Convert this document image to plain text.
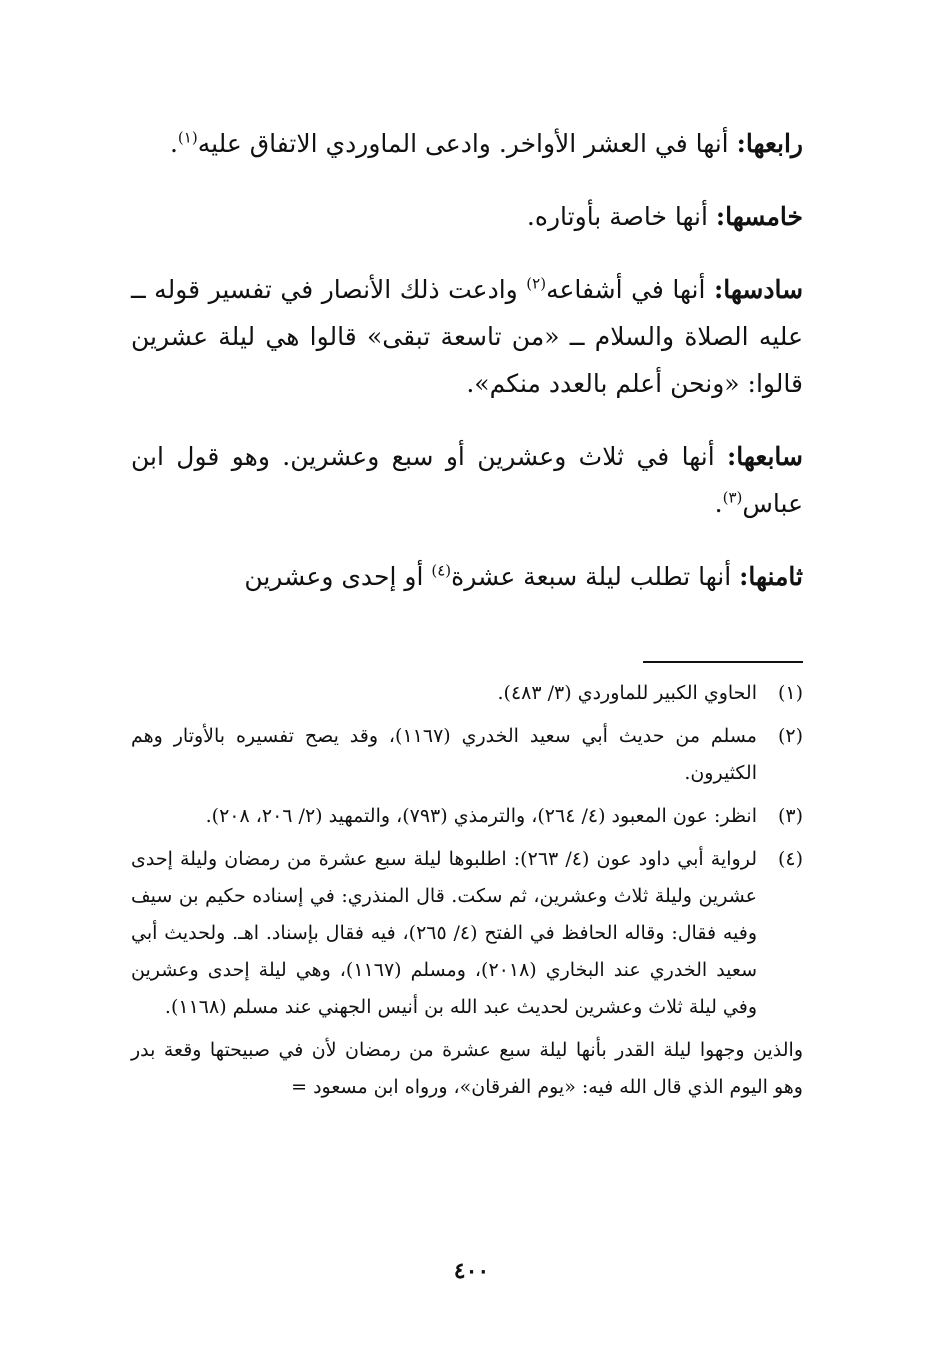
رابعها: أنها في العشر الأواخر. وادعى الماوردي الاتفاق عليه$^{(١)}$.

خامسها: أنها خاصة بأوتاره.

سادسها: أنها في أشفاعه$^{(٢)}$ وادعت ذلك الأنصار في تفسير قوله ــ عليه الصلاة والسلام ــ «من تاسعة تبقى» قالوا هي ليلة عشرين قالوا: «ونحن أعلم بالعدد منكم».

سابعها: أنها في ثلاث وعشرين أو سبع وعشرين. وهو قول ابن عباس$^{(٣)}$.

ثامنها: أنها تطلب ليلة سبعة عشرة$^{(٤)}$ أو إحدى وعشرين

(١)
الحاوي الكبير للماوردي (٣/ ٤٨٣).
(٢)
مسلم من حديث أبي سعيد الخدري (١١٦٧)، وقد يصح تفسيره بالأوتار وهم الكثيرون.
(٣)
انظر: عون المعبود (٤/ ٢٦٤)، والترمذي (٧٩٣)، والتمهيد (٢/ ٢٠٦، ٢٠٨).
(٤)
لرواية أبي داود عون (٤/ ٢٦٣): اطلبوها ليلة سبع عشرة من رمضان وليلة إحدى عشرين وليلة ثلاث وعشرين، ثم سكت. قال المنذري: في إسناده حكيم بن سيف وفيه فقال: وقاله الحافظ في الفتح (٤/ ٢٦٥)، فيه فقال بإسناد. اهـ. ولحديث أبي سعيد الخدري عند البخاري (٢٠١٨)، ومسلم (١١٦٧)، وهي ليلة إحدى وعشرين وفي ليلة ثلاث وعشرين لحديث عبد الله بن أنيس الجهني عند مسلم (١١٦٨).

والذين وجهوا ليلة القدر بأنها ليلة سبع عشرة من رمضان لأن في صبيحتها وقعة بدر وهو اليوم الذي قال الله فيه: «يوم الفرقان»، ورواه ابن مسعود =

٤٠٠
